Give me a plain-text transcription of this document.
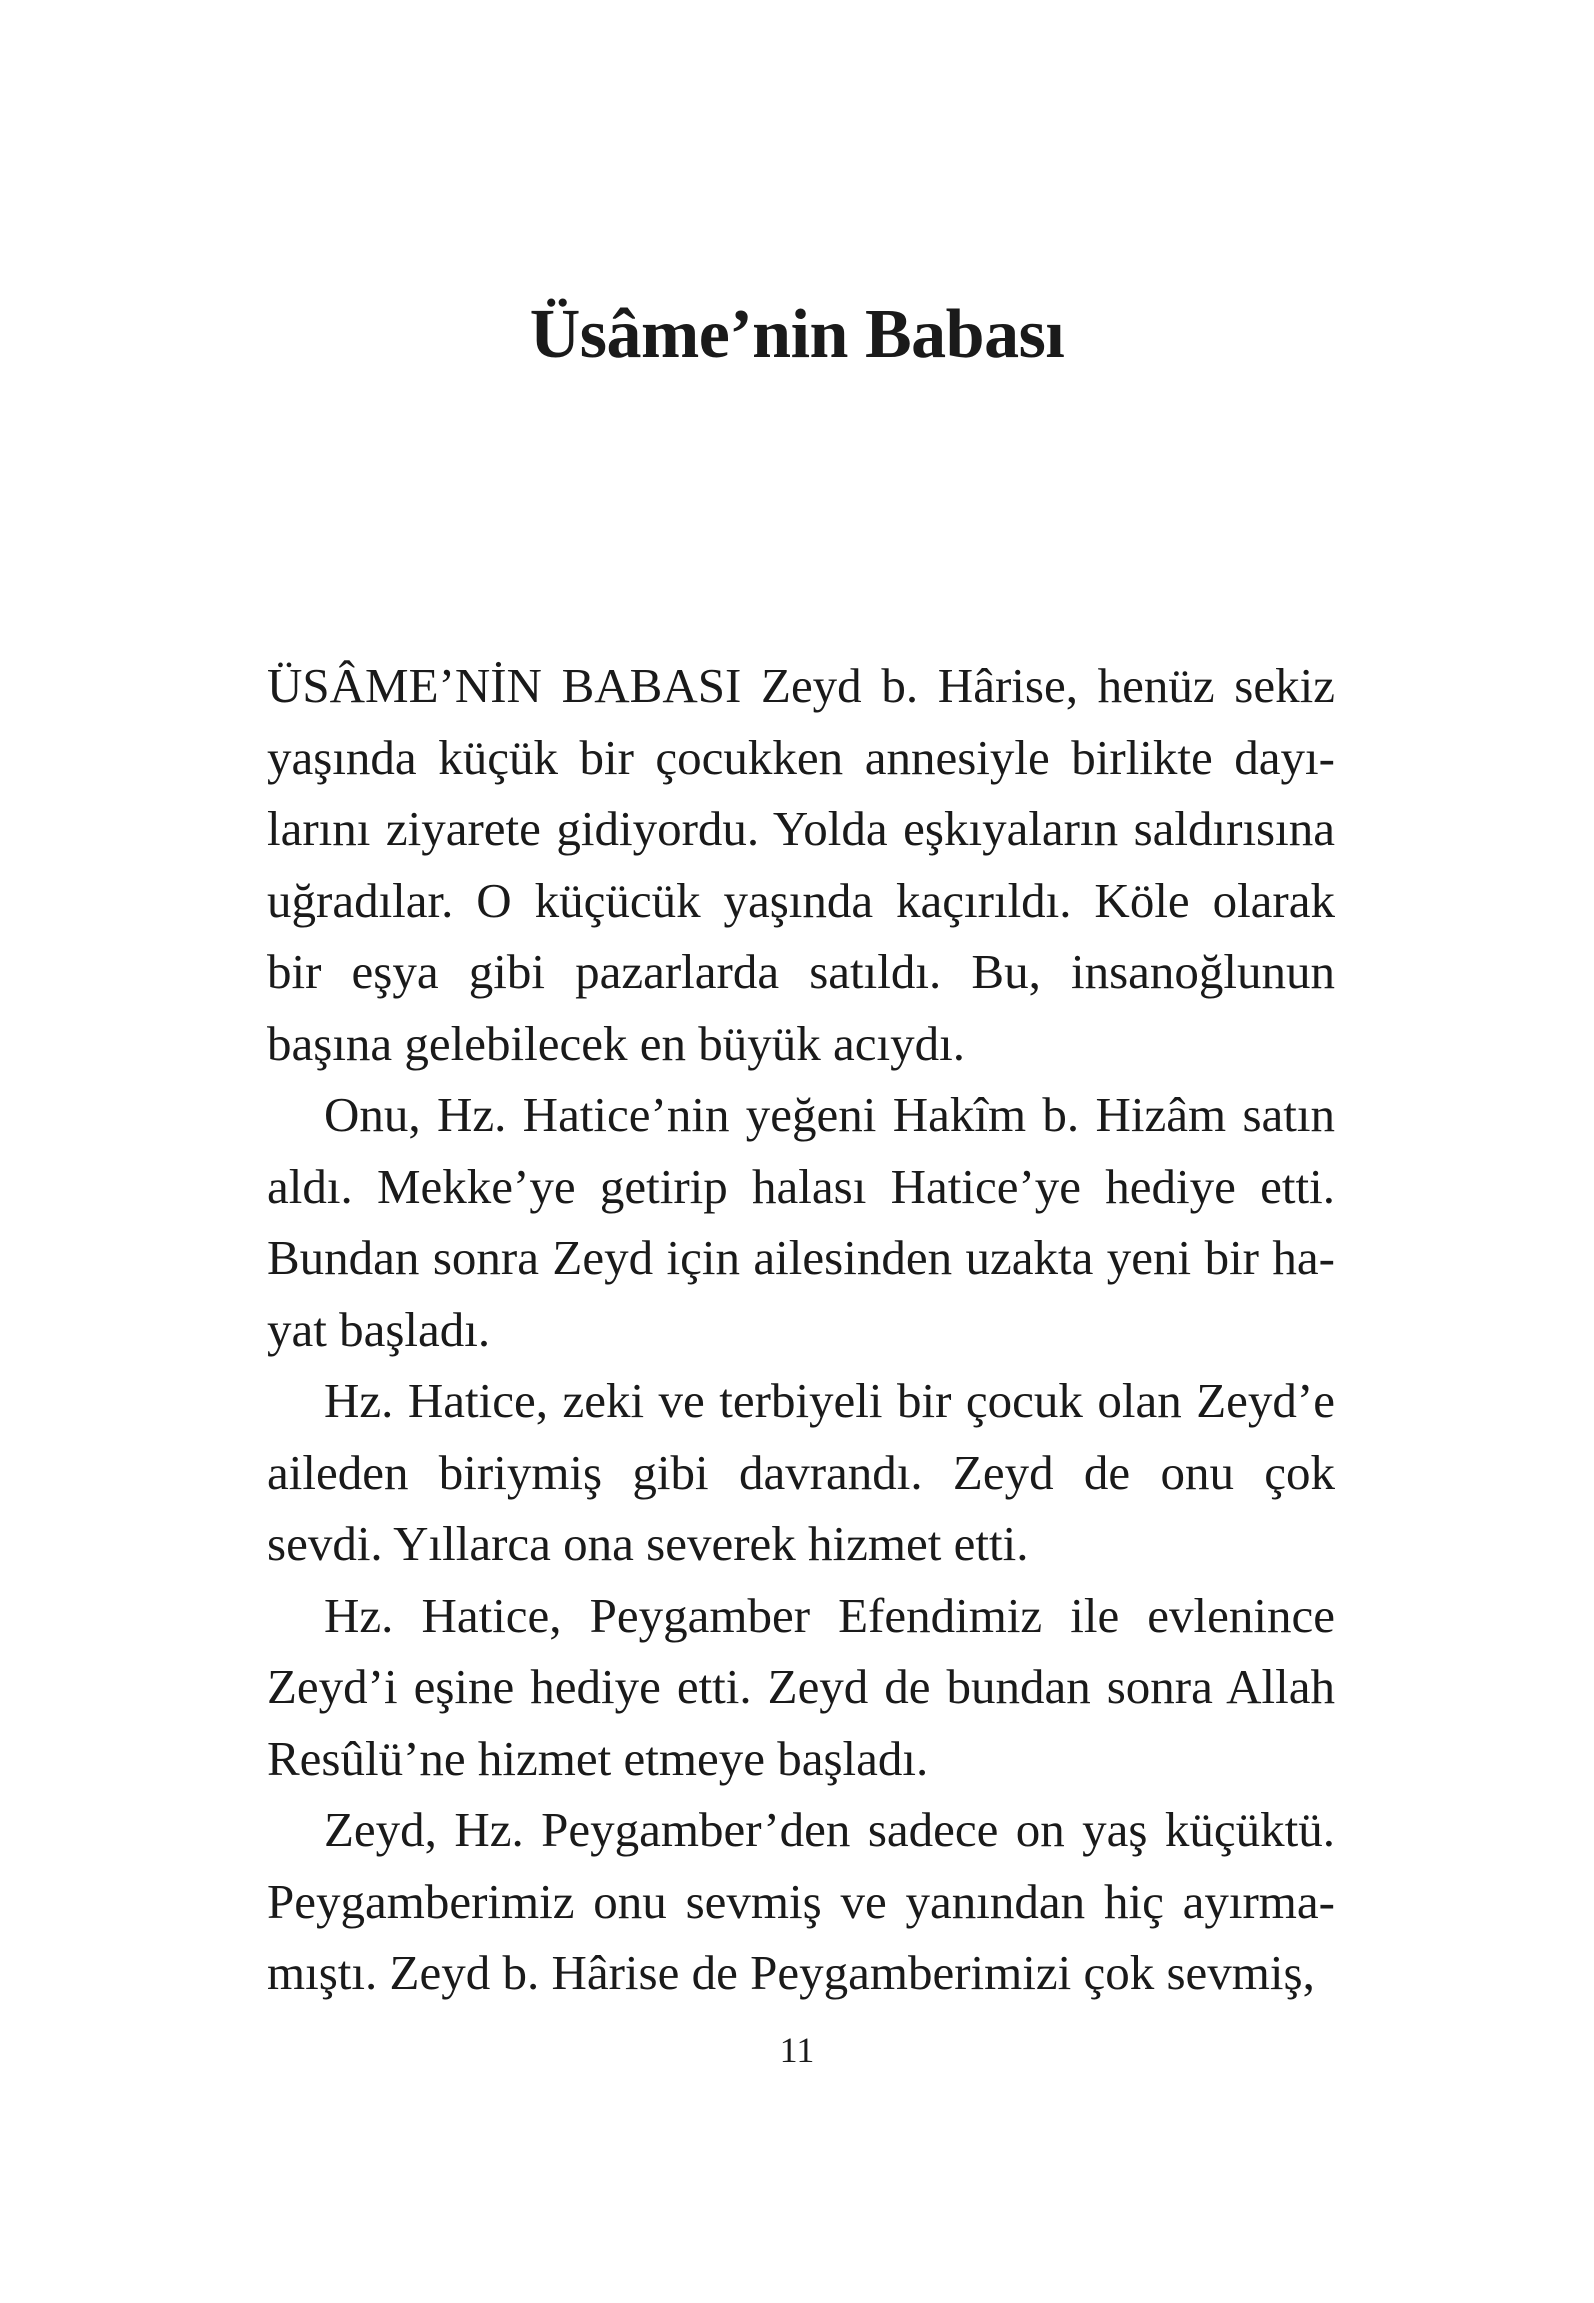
Üsâme’nin Babası

ÜSÂME’NİN BABASI Zeyd b. Hârise, henüz sekiz yaşında küçük bir çocukken annesiyle birlikte dayılarını ziyarete gidiyordu. Yolda eşkıyaların saldırısına uğradılar. O küçücük yaşında kaçırıldı. Köle olarak bir eşya gibi pazarlarda satıldı. Bu, insanoğlunun başına gelebilecek en büyük acıydı.

Onu, Hz. Hatice’nin yeğeni Hakîm b. Hizâm satın aldı. Mekke’ye getirip halası Hatice’ye hediye etti. Bundan sonra Zeyd için ailesinden uzakta yeni bir hayat başladı.

Hz. Hatice, zeki ve terbiyeli bir çocuk olan Zeyd’e aileden biriymiş gibi davrandı. Zeyd de onu çok sevdi. Yıllarca ona severek hizmet etti.

Hz. Hatice, Peygamber Efendimiz ile evlenince Zeyd’i eşine hediye etti. Zeyd de bundan sonra Allah Resûlü’ne hizmet etmeye başladı.

Zeyd, Hz. Peygamber’den sadece on yaş küçüktü. Peygamberimiz onu sevmiş ve yanından hiç ayırmamıştı. Zeyd b. Hârise de Peygamberimizi çok sevmiş,

11
